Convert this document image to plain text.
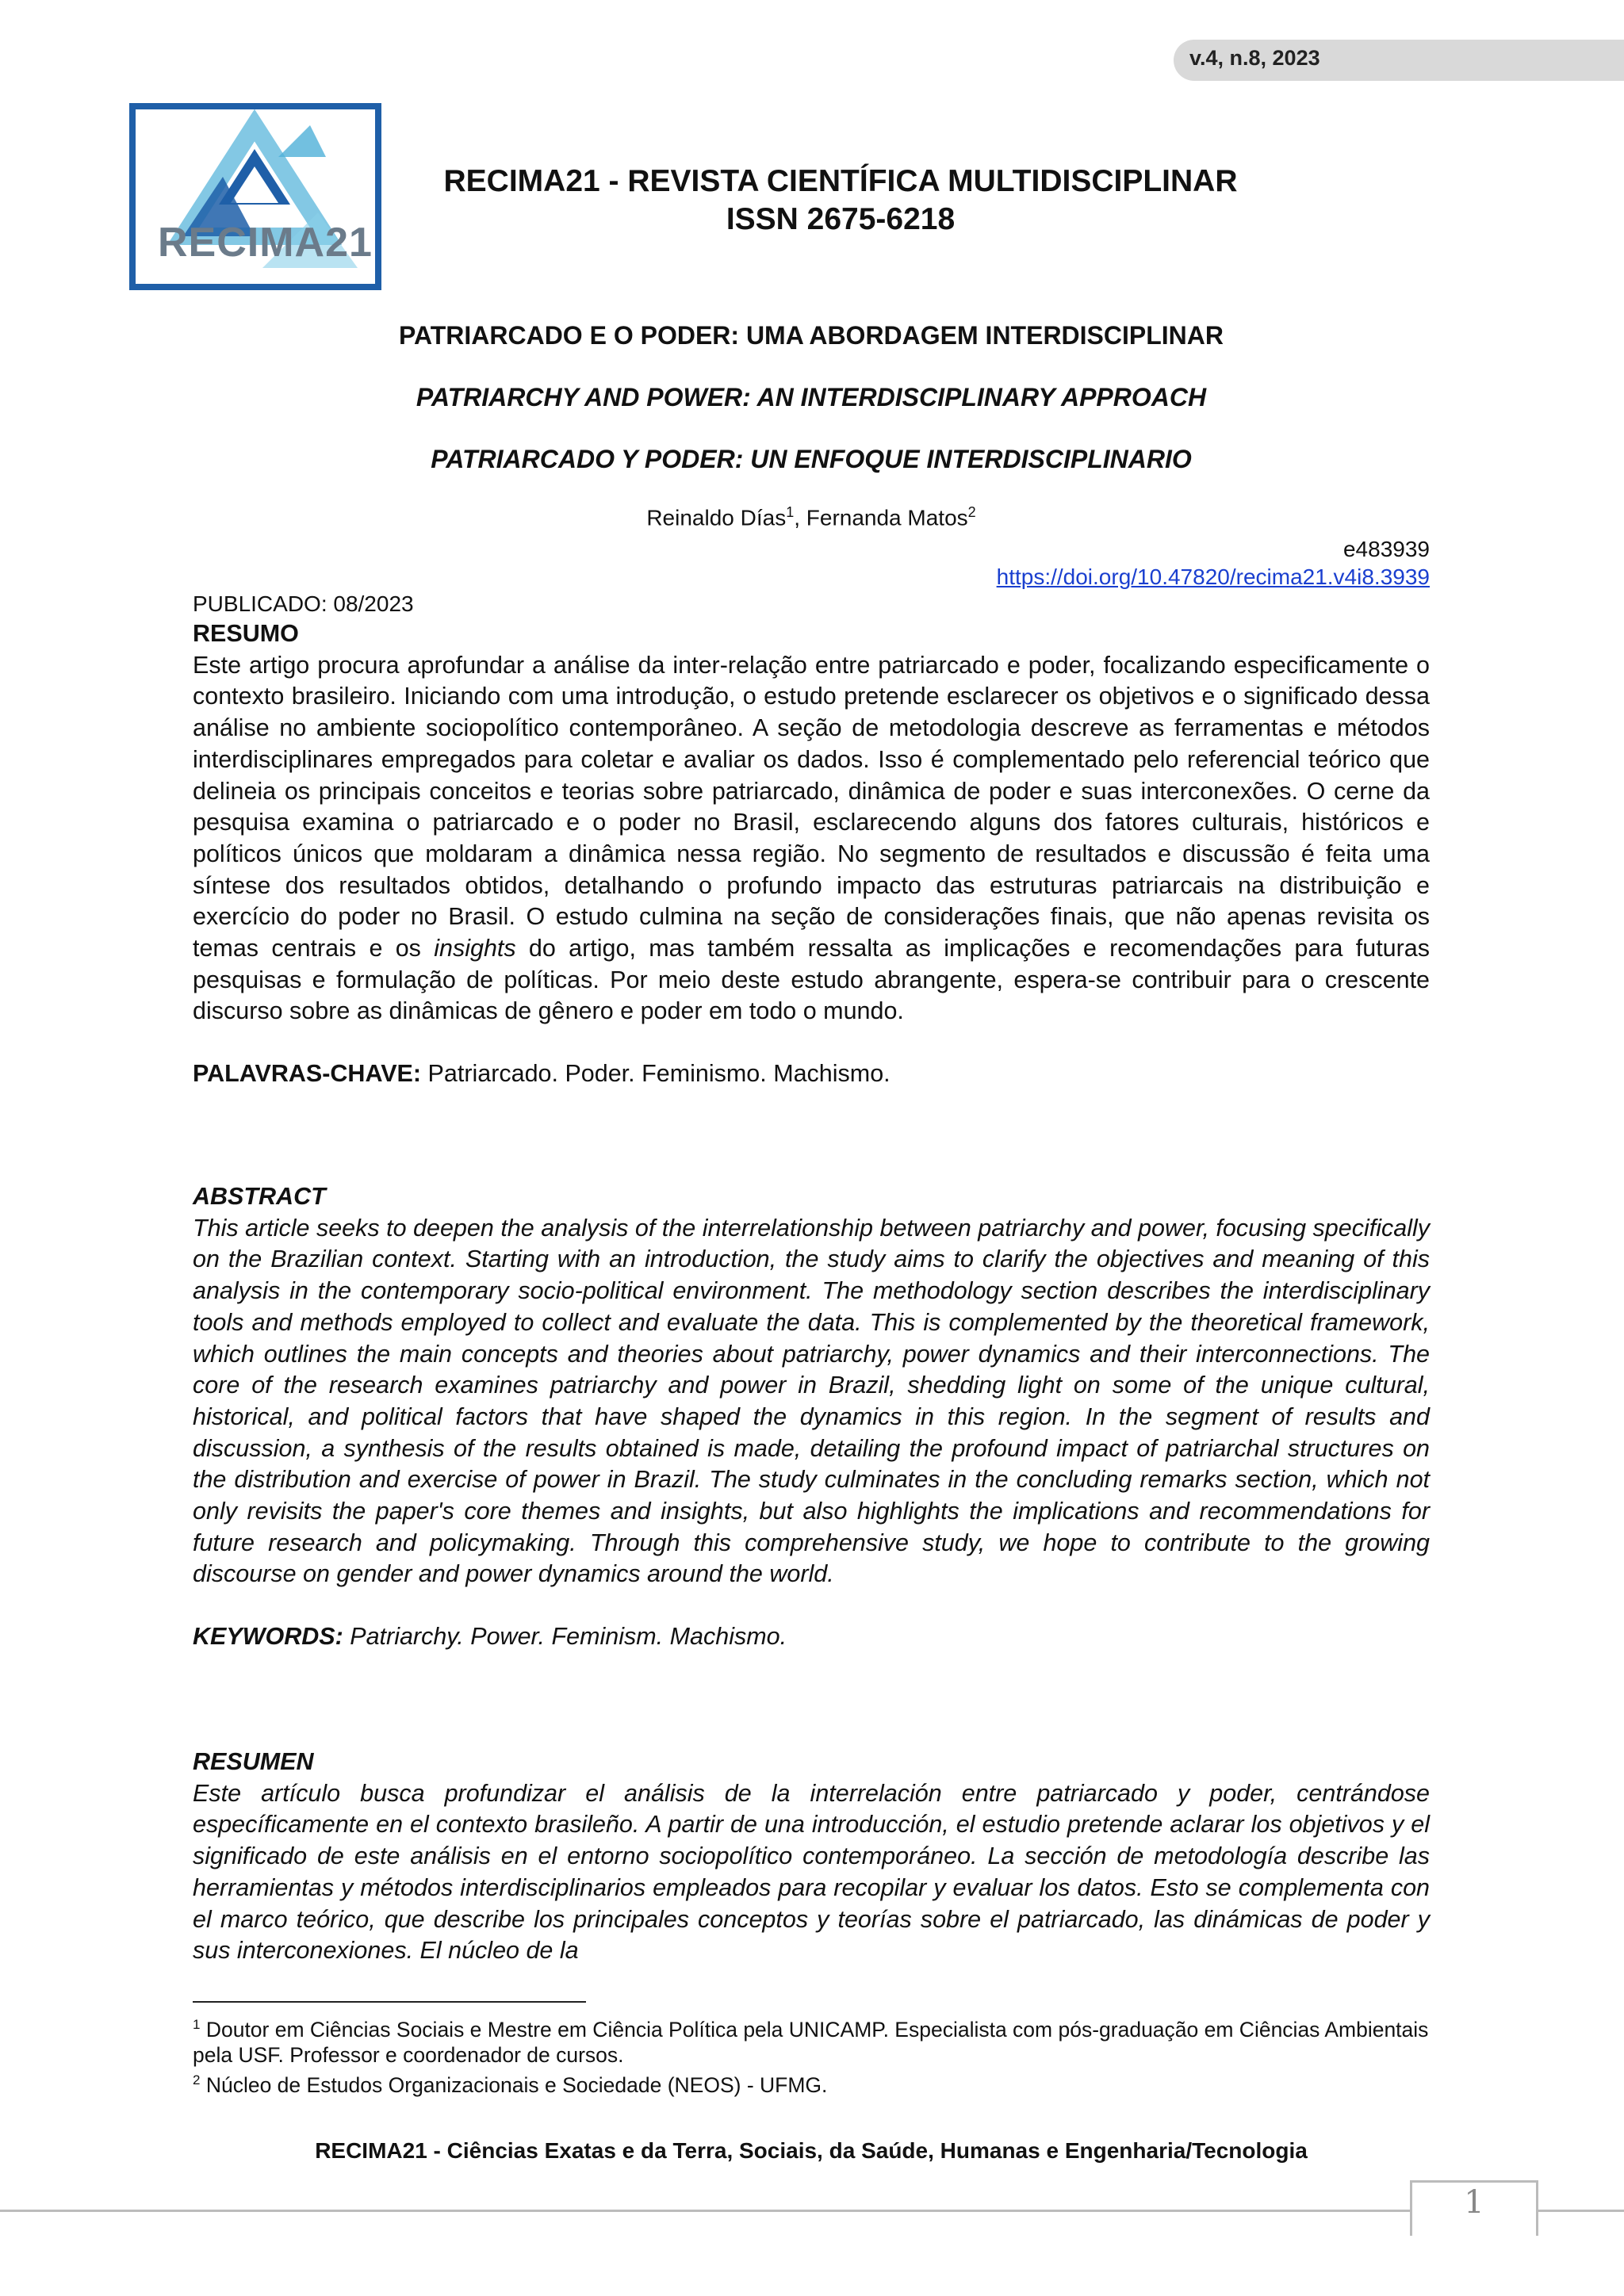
v.4, n.8, 2023
RECIMA21
RECIMA21 - REVISTA CIENTÍFICA MULTIDISCIPLINAR
ISSN 2675-6218
PATRIARCADO E O PODER: UMA ABORDAGEM INTERDISCIPLINAR
PATRIARCHY AND POWER: AN INTERDISCIPLINARY APPROACH
PATRIARCADO Y PODER: UN ENFOQUE INTERDISCIPLINARIO
Reinaldo Días$^1$, Fernanda Matos$^2$
e483939
https://doi.org/10.47820/recima21.v4i8.3939
PUBLICADO: 08/2023
RESUMO
Este artigo procura aprofundar a análise da inter-relação entre patriarcado e poder, focalizando especificamente o contexto brasileiro. Iniciando com uma introdução, o estudo pretende esclarecer os objetivos e o significado dessa análise no ambiente sociopolítico contemporâneo. A seção de metodologia descreve as ferramentas e métodos interdisciplinares empregados para coletar e avaliar os dados. Isso é complementado pelo referencial teórico que delineia os principais conceitos e teorias sobre patriarcado, dinâmica de poder e suas interconexões. O cerne da pesquisa examina o patriarcado e o poder no Brasil, esclarecendo alguns dos fatores culturais, históricos e políticos únicos que moldaram a dinâmica nessa região. No segmento de resultados e discussão é feita uma síntese dos resultados obtidos, detalhando o profundo impacto das estruturas patriarcais na distribuição e exercício do poder no Brasil. O estudo culmina na seção de considerações finais, que não apenas revisita os temas centrais e os insights do artigo, mas também ressalta as implicações e recomendações para futuras pesquisas e formulação de políticas. Por meio deste estudo abrangente, espera-se contribuir para o crescente discurso sobre as dinâmicas de gênero e poder em todo o mundo.
PALAVRAS-CHAVE: Patriarcado. Poder. Feminismo. Machismo.
ABSTRACT
This article seeks to deepen the analysis of the interrelationship between patriarchy and power, focusing specifically on the Brazilian context. Starting with an introduction, the study aims to clarify the objectives and meaning of this analysis in the contemporary socio-political environment. The methodology section describes the interdisciplinary tools and methods employed to collect and evaluate the data. This is complemented by the theoretical framework, which outlines the main concepts and theories about patriarchy, power dynamics and their interconnections. The core of the research examines patriarchy and power in Brazil, shedding light on some of the unique cultural, historical, and political factors that have shaped the dynamics in this region. In the segment of results and discussion, a synthesis of the results obtained is made, detailing the profound impact of patriarchal structures on the distribution and exercise of power in Brazil. The study culminates in the concluding remarks section, which not only revisits the paper's core themes and insights, but also highlights the implications and recommendations for future research and policymaking. Through this comprehensive study, we hope to contribute to the growing discourse on gender and power dynamics around the world.
KEYWORDS: Patriarchy. Power. Feminism. Machismo.
RESUMEN
Este artículo busca profundizar el análisis de la interrelación entre patriarcado y poder, centrándose específicamente en el contexto brasileño. A partir de una introducción, el estudio pretende aclarar los objetivos y el significado de este análisis en el entorno sociopolítico contemporáneo. La sección de metodología describe las herramientas y métodos interdisciplinarios empleados para recopilar y evaluar los datos. Esto se complementa con el marco teórico, que describe los principales conceptos y teorías sobre el patriarcado, las dinámicas de poder y sus interconexiones. El núcleo de la
$^1$ Doutor em Ciências Sociais e Mestre em Ciência Política pela UNICAMP. Especialista com pós-graduação em Ciências Ambientais pela USF. Professor e coordenador de cursos.
$^2$ Núcleo de Estudos Organizacionais e Sociedade (NEOS) - UFMG.
RECIMA21 - Ciências Exatas e da Terra, Sociais, da Saúde, Humanas e Engenharia/Tecnologia
1
